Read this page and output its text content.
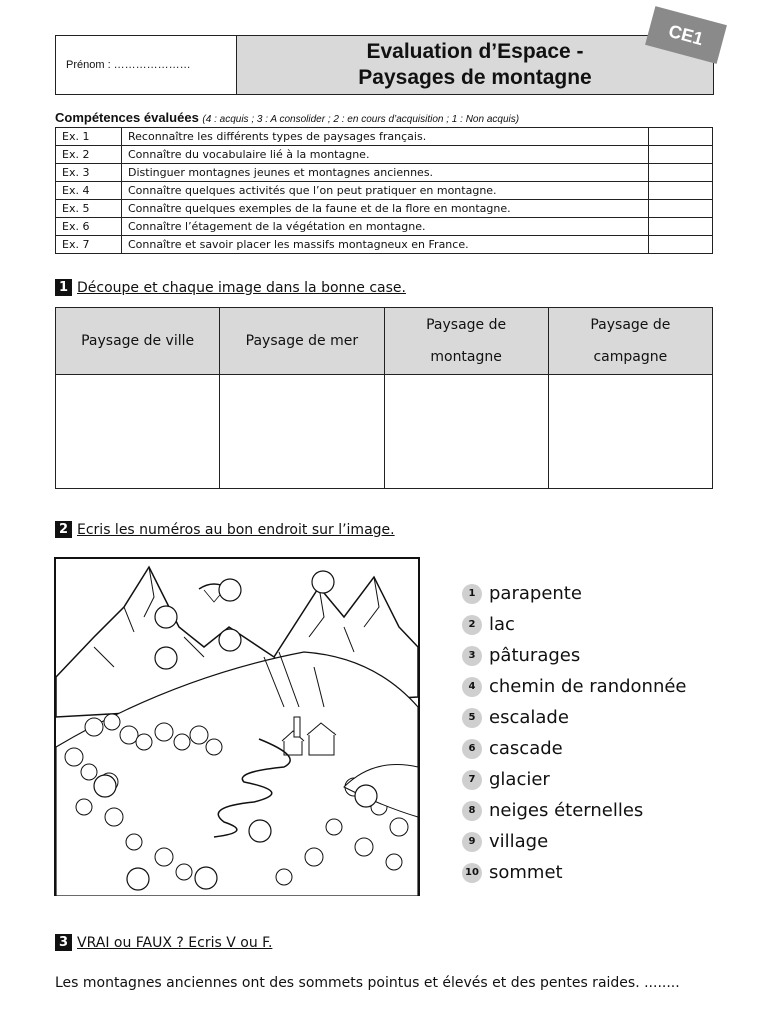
Prénom : …………………
Evaluation d’Espace -
Paysages de montagne
CE1
Compétences évaluées (4 : acquis ; 3 : A consolider ; 2 : en cours d’acquisition ; 1 : Non acquis)
Ex. 1	Reconnaître les différents types de paysages français.	
Ex. 2	Connaître du vocabulaire lié à la montagne.	
Ex. 3	Distinguer montagnes jeunes et montagnes anciennes.	
Ex. 4	Connaître quelques activités que l’on peut pratiquer en montagne.	
Ex. 5	Connaître quelques exemples de la faune et de la flore en montagne.	
Ex. 6	Connaître l’étagement de la végétation en montagne.	
Ex. 7	Connaître et savoir placer les massifs montagneux en France.	
1 Découpe et chaque image dans la bonne case.
Paysage de ville	Paysage de mer	Paysage de montagne	Paysage de campagne

2 Ecris les numéros au bon endroit sur l’image.
1 parapente
2 lac
3 pâturages
4 chemin de randonnée
5 escalade
6 cascade
7 glacier
8 neiges éternelles
9 village
10 sommet
3 VRAI ou FAUX ? Ecris V ou F.
Les montagnes anciennes ont des sommets pointus et élevés et des pentes raides. ........
